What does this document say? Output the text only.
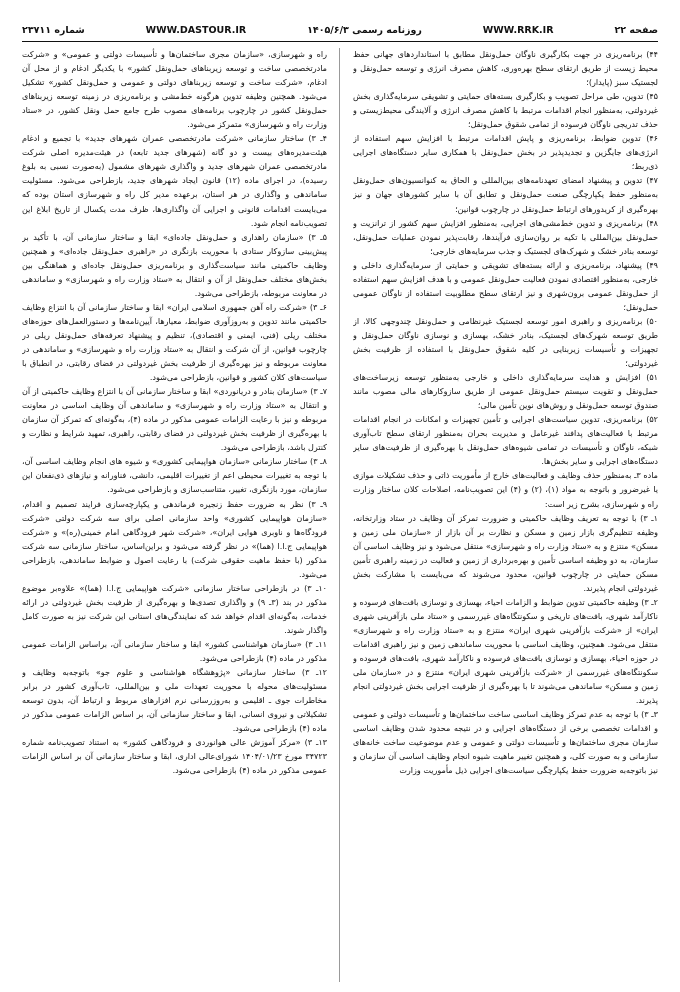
صفحه ۲۲
WWW.RRK.IR
روزنامه رسمی ۱۴۰۵/۶/۳
WWW.DASTOUR.IR
شماره ۲۳۷۱۱

۴۴) برنامه‌ریزی در جهت بکارگیری ناوگان حمل‌ونقل مطابق با استانداردهای جهانی حفظ محیط زیست از طریق ارتقای سطح بهره‌وری، کاهش مصرف انرژی و توسعه حمل‌ونقل و لجستیک سبز (پایدار)؛

۴۵) تدوین، طی مراحل تصویب و بکارگیری بسته‌های حمایتی و تشویقی سرمایه‌گذاری بخش غیردولتی، به‌منظور انجام اقدامات مرتبط با کاهش مصرف انرژی و آلایندگی محیط‌زیستی و حذف تدریجی ناوگان فرسوده از تمامی شقوق حمل‌ونقل؛

۴۶) تدوین ضوابط، برنامه‌ریزی و پایش اقدامات مرتبط با افزایش سهم استفاده از انرژی‌های جایگزین و تجدیدپذیر در بخش حمل‌ونقل با همکاری سایر دستگاه‌های اجرایی ذی‌ربط؛

۴۷) تدوین و پیشنهاد امضای تعهدنامه‌های بین‌المللی و الحاق به کنوانسیون‌های حمل‌ونقل به‌منظور حفظ یکپارچگی صنعت حمل‌ونقل و تطابق آن با سایر کشورهای جهان و نیز بهره‌گیری از کریدورهای ارتباط حمل‌ونقل در چارچوب قوانین؛

۴۸) برنامه‌ریزی و تدوین خط‌مشی‌های اجرایی، به‌منظور افزایش سهم کشور از ترانزیت و حمل‌ونقل بین‌المللی با تکیه بر روان‌سازی فرآیندها، رقابت‌پذیر نمودن عملیات حمل‌ونقل، توسعه بنادر خشک و شهرک‌های لجستیک و جذب سرمایه‌های خارجی؛

۴۹) پیشنهاد، برنامه‌ریزی و ارائه بسته‌های تشویقی و حمایتی از سرمایه‌گذاری داخلی و خارجی، به‌منظور اقتصادی نمودن فعالیت حمل‌ونقل عمومی و با هدف افزایش سهم استفاده از حمل‌ونقل عمومی برون‌شهری و نیز ارتقای سطح مطلوبیت استفاده از ناوگان عمومی حمل‌ونقل؛

۵۰) برنامه‌ریزی و راهبری امور توسعه لجستیک غیرنظامی و حمل‌ونقل چندوجهی کالا، از طریق توسعه شهرک‌های لجستیک، بنادر خشک، بهسازی و نوسازی ناوگان حمل‌ونقل و تجهیزات و تأسیسات زیربنایی در کلیه شقوق حمل‌ونقل با استفاده از ظرفیت بخش غیردولتی؛

۵۱) افزایش و هدایت سرمایه‌گذاری داخلی و خارجی به‌منظور توسعه زیرساخت‌های حمل‌ونقل و تقویت سیستم حمل‌ونقل عمومی از طریق سازوکارهای مالی مصوب مانند صندوق توسعه حمل‌ونقل و روش‌های نوین تأمین مالی؛

۵۲) برنامه‌ریزی، تدوین سیاست‌های اجرایی و تأمین تجهیزات و امکانات در انجام اقدامات مرتبط با فعالیت‌های پدافند غیرعامل و مدیریت بحران به‌منظور ارتقای سطح تاب‌آوری شبکه، ناوگان و تأسیسات در تمامی شیوه‌های حمل‌ونقل با بهره‌گیری از ظرفیت‌های سایر دستگاه‌های اجرایی و سایر بخش‌ها.

ماده ۳ـ به‌منظور حذف وظایف و فعالیت‌های خارج از مأموریت ذاتی و حذف تشکیلات موازی یا غیرضرور و باتوجه به مواد (۱)، (۲) و (۴) این تصویب‌نامه، اصلاحات کلان ساختار وزارت راه و شهرسازی، بشرح زیر است:

۱ـ ۳) با توجه به تعریف وظایف حاکمیتی و ضرورت تمرکز آن وظایف در ستاد وزارتخانه، وظیفه تنظیم‌گری بازار زمین و مسکن و نظارت بر آن بازار از «سازمان ملی زمین و مسکن» منتزع و به «ستاد وزارت راه و شهرسازی» منتقل می‌شود و نیز وظایف اساسی آن سازمان، به‌ دو وظیفه اساسی تأمین و بهره‌برداری از زمین و فعالیت در زمینه راهبری تأمین مسکن حمایتی در چارچوب قوانین، محدود می‌شوند که می‌بایست با مشارکت بخش غیردولتی انجام پذیرند.

۲ـ ۳) وظیفه حاکمیتی تدوین ضوابط و الزامات احیاء، بهسازی و نوسازی بافت‌های فرسوده و ناکارآمد شهری، بافت‌های تاریخی و سکونتگاه‌های غیررسمی و «ستاد ملی بازآفرینی شهری ایران» از «شرکت بازآفرینی شهری ایران» منتزع و به «ستاد وزارت راه و شهرسازی» منتقل می‌شود. همچنین، وظایف اساسی با محوریت ساماندهی زمین و نیز راهبری اقدامات در حوزه احیاء، بهسازی و نوسازی بافت‌های فرسوده و ناکارآمد شهری، بافت‌های فرسوده و سکونتگاه‌های غیررسمی از «شرکت بازآفرینی شهری ایران» منتزع و در «سازمان ملی زمین و مسکن» ساماندهی می‌شوند تا با بهره‌گیری از ظرفیت اجرایی بخش غیردولتی انجام پذیرند.

۳ـ ۳) با توجه به عدم تمرکز وظایف اساسی ساخت ساختمان‌ها و تأسیسات دولتی و عمومی و اقدامات تخصصی برخی از دستگاه‌های اجرایی و در نتیجه محدود شدن وظایف اساسی سازمان مجری ساختمان‌ها و تأسیسات دولتی و عمومی و عدم موضوعیت ساخت خانه‌های سازمانی و به صورت کلی، و همچنین تغییر ماهیت شیوه انجام وظایف اساسی آن سازمان و نیز باتوجه‌به ضرورت حفظ یکپارچگی سیاست‌های اجرایی ذیل مأموریت وزارت

راه و شهرسازی، «سازمان مجری ساختمان‌ها و تأسیسات دولتی و عمومی» و «شرکت مادرتخصصی ساخت و توسعه زیربناهای حمل‌ونقل کشور» با یکدیگر ادغام و از محل آن ادغام، «شرکت ساخت و توسعه زیربناهای دولتی و عمومی و حمل‌ونقل کشور» تشکیل می‌شود. همچنین وظیفه تدوین هرگونه خط‌مشی و برنامه‌ریزی در زمینه توسعه زیربناهای حمل‌ونقل کشور در چارچوب برنامه‌های مصوب طرح جامع حمل ونقل کشور، در «ستاد وزارت راه و شهرسازی» متمرکز می‌شود.

۴ـ ۳) ساختار سازمانی «شرکت مادرتخصصی عمران شهرهای جدید» با تجمیع و ادغام هیئت‌مدیره‌های بیست و دو گانه (شهرهای جدید تابعه) در هیئت‌مدیره اصلی شرکت مادرتخصصی عمران شهرهای جدید و واگذاری شهرهای مشمول (به‌صورت نسبی به بلوغ رسیده)، در اجرای ماده (۱۲) قانون ایجاد شهرهای جدید، بازطراحی می‌شود. مسئولیت ساماندهی و واگذاری در هر استان، برعهده مدیر کل راه و شهرسازی استان بوده که می‌بایست اقدامات قانونی و اجرایی آن واگذاری‌ها، ظرف مدت یکسال از تاریخ ابلاغ این تصویب‌نامه انجام شود.

۵ـ ۳) «سازمان راهداری و حمل‌ونقل جاده‌ای» ابقا و ساختار سازمانی آن، با تأکید بر پیش‌بینی سازوکار ستادی با محوریت بازنگری در «راهبری حمل‌ونقل جاده‌ای» و همچنین وظایف حاکمیتی مانند سیاست‌گذاری و برنامه‌ریزی حمل‌ونقل جاده‌ای و هماهنگی بین بخش‌های مختلف حمل‌ونقل از آن و انتقال به «ستاد وزارت راه و شهرسازی» و ساماندهی در معاونت مربوطه، بازطراحی می‌شود.

۶ـ ۳) «شرکت راه آهن جمهوری اسلامی ایران» ابقا و ساختار سازمانی آن با انتزاع وظایف حاکمیتی مانند تدوین و به‌روزآوری ضوابط، معیارها، آیین‌نامه‌ها و دستورالعمل‌های حوزه‌های مختلف ریلی (فنی، ایمنی و اقتصادی)، تنظیم و پیشنهاد تعرفه‌های حمل‌ونقل ریلی در چارچوب قوانین، از آن شرکت و انتقال به «ستاد وزارت راه و شهرسازی» و ساماندهی در معاونت مربوطه و نیز بهره‌گیری از ظرفیت بخش غیردولتی در فضای رقابتی، در انطباق با سیاست‌های کلان کشور و قوانین، بازطراحی می‌شود.

۷ـ ۳) «سازمان بنادر و دریانوردی» ابقا و ساختار سازمانی آن با انتزاع وظایف حاکمیتی از آن و انتقال به «ستاد وزارت راه و شهرسازی» و ساماندهی آن وظایف اساسی در معاونت مربوطه و نیز با رعایت الزامات عمومی مذکور در ماده (۴)، به‌گونه‌ای که تمرکز آن سازمان با بهره‌گیری از ظرفیت بخش غیردولتی در فضای رقابتی، راهبری، تمهید شرایط و نظارت و کنترل باشد، بازطراحی می‌شود.

۸ـ ۳) ساختار سازمانی «سازمان هواپیمایی کشوری» و شیوه های انجام وظایف اساسی آن، با توجه به تغییرات محیطی اعم از تغییرات اقلیمی، دانشی، فناورانه و نیازهای ذی‌نفعان این سازمان، مورد بازنگری، تغییر، متناسب‌سازی و بازطراحی می‌شود.

۹ـ ۳) نظر به ضرورت حفظ زنجیره فرماندهی و یکپارچه‌سازی فرایند تصمیم و اقدام، «سازمان هواپیمایی کشوری» واحد سازمانی اصلی برای سه شرکت دولتی «شرکت فرودگاه‌ها و ناوبری هوایی ایران»، «شرکت شهر فرودگاهی امام خمینی(ره)» و «شرکت هواپیمایی ج.ا.ا (هما)» در نظر گرفته می‌شود و براین‌اساس، ساختار سازمانی سه شرکت مذکور (با حفظ ماهیت حقوقی شرکت) با رعایت اصول و ضوابط ساماندهی، بازطراحی می‌شود.

۱۰ـ ۳) در بازطراحی ساختار سازمانی «شرکت هواپیمایی ج.ا.ا (هما)» علاوه‌بر موضوع مذکور در بند (۳ـ ۹) و واگذاری تصدی‌ها و بهره‌گیری از ظرفیت بخش غیردولتی در ارائه خدمات، به‌گونه‌ای اقدام خواهد شد که نمایندگی‌های استانی این شرکت نیز به صورت کامل واگذار شوند.

۱۱ـ ۳) «سازمان هواشناسی کشور» ابقا و ساختار سازمانی آن، براساس الزامات عمومی مذکور در ماده (۴) بازطراحی می‌شود.

۱۲ـ ۳) ساختار سازمانی «پژوهشگاه هواشناسی و علوم جو» باتوجه‌به وظایف و مسئولیت‌های محوله با محوریت تعهدات ملی و بین‌المللی، تاب‌آوری کشور در برابر مخاطرات جوی ـ اقلیمی و به‌روزرسانی نرم افزارهای مربوط و ارتباط آن، بدون توسعه تشکیلاتی و نیروی انسانی، ابقا و ساختار سازمانی آن، بر اساس الزامات عمومی مذکور در ماده (۴) بازطراحی می‌شود.

۱۳ـ ۳) «مرکز آموزش عالی هوانوردی و فرودگاهی کشور» به استناد تصویب‌نامه شماره ۳۴۷۲۳ مورخ ۱۴۰۴/۰۱/۲۳ شورای‌عالی اداری، ابقا و ساختار سازمانی آن بر اساس الزامات عمومی مذکور در ماده (۴) بازطراحی می‌شود.
